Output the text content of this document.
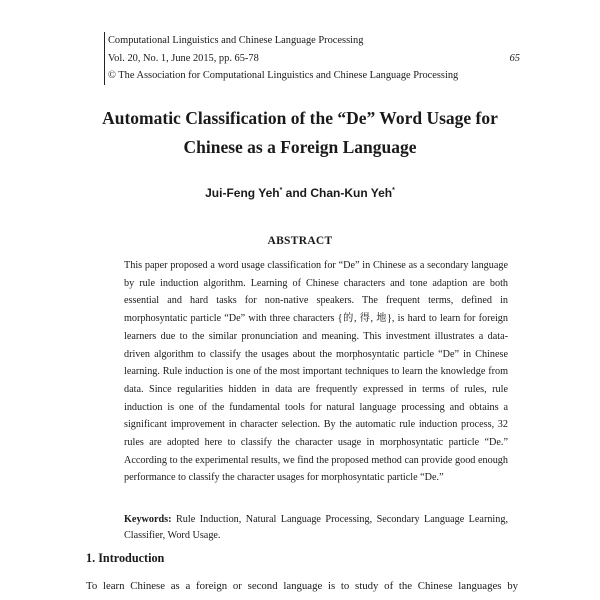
Computational Linguistics and Chinese Language Processing
Vol. 20, No. 1, June 2015, pp. 65-78	65
© The Association for Computational Linguistics and Chinese Language Processing
Automatic Classification of the “De” Word Usage for
Chinese as a Foreign Language
Jui-Feng Yeh* and Chan-Kun Yeh*
ABSTRACT
This paper proposed a word usage classification for “De” in Chinese as a secondary language by rule induction algorithm. Learning of Chinese characters and tone adaption are both essential and hard tasks for non-native speakers. The frequent terms, defined in morphosyntatic particle “De” with three characters {的, 得, 地}, is hard to learn for foreign learners due to the similar pronunciation and meaning. This investment illustrates a data-driven algorithm to classify the usages about the morphosyntatic particle “De” in Chinese learning. Rule induction is one of the most important techniques to learn the knowledge from data. Since regularities hidden in data are frequently expressed in terms of rules, rule induction is one of the fundamental tools for natural language processing and obtains a significant improvement in character selection. By the automatic rule induction process, 32 rules are adopted here to classify the character usage in morphosyntatic particle “De.” According to the experimental results, we find the proposed method can provide good enough performance to classify the character usages for morphosyntatic particle “De.”
Keywords: Rule Induction, Natural Language Processing, Secondary Language Learning, Classifier, Word Usage.
1. Introduction
To learn Chinese as a foreign or second language is to study of the Chinese languages by
